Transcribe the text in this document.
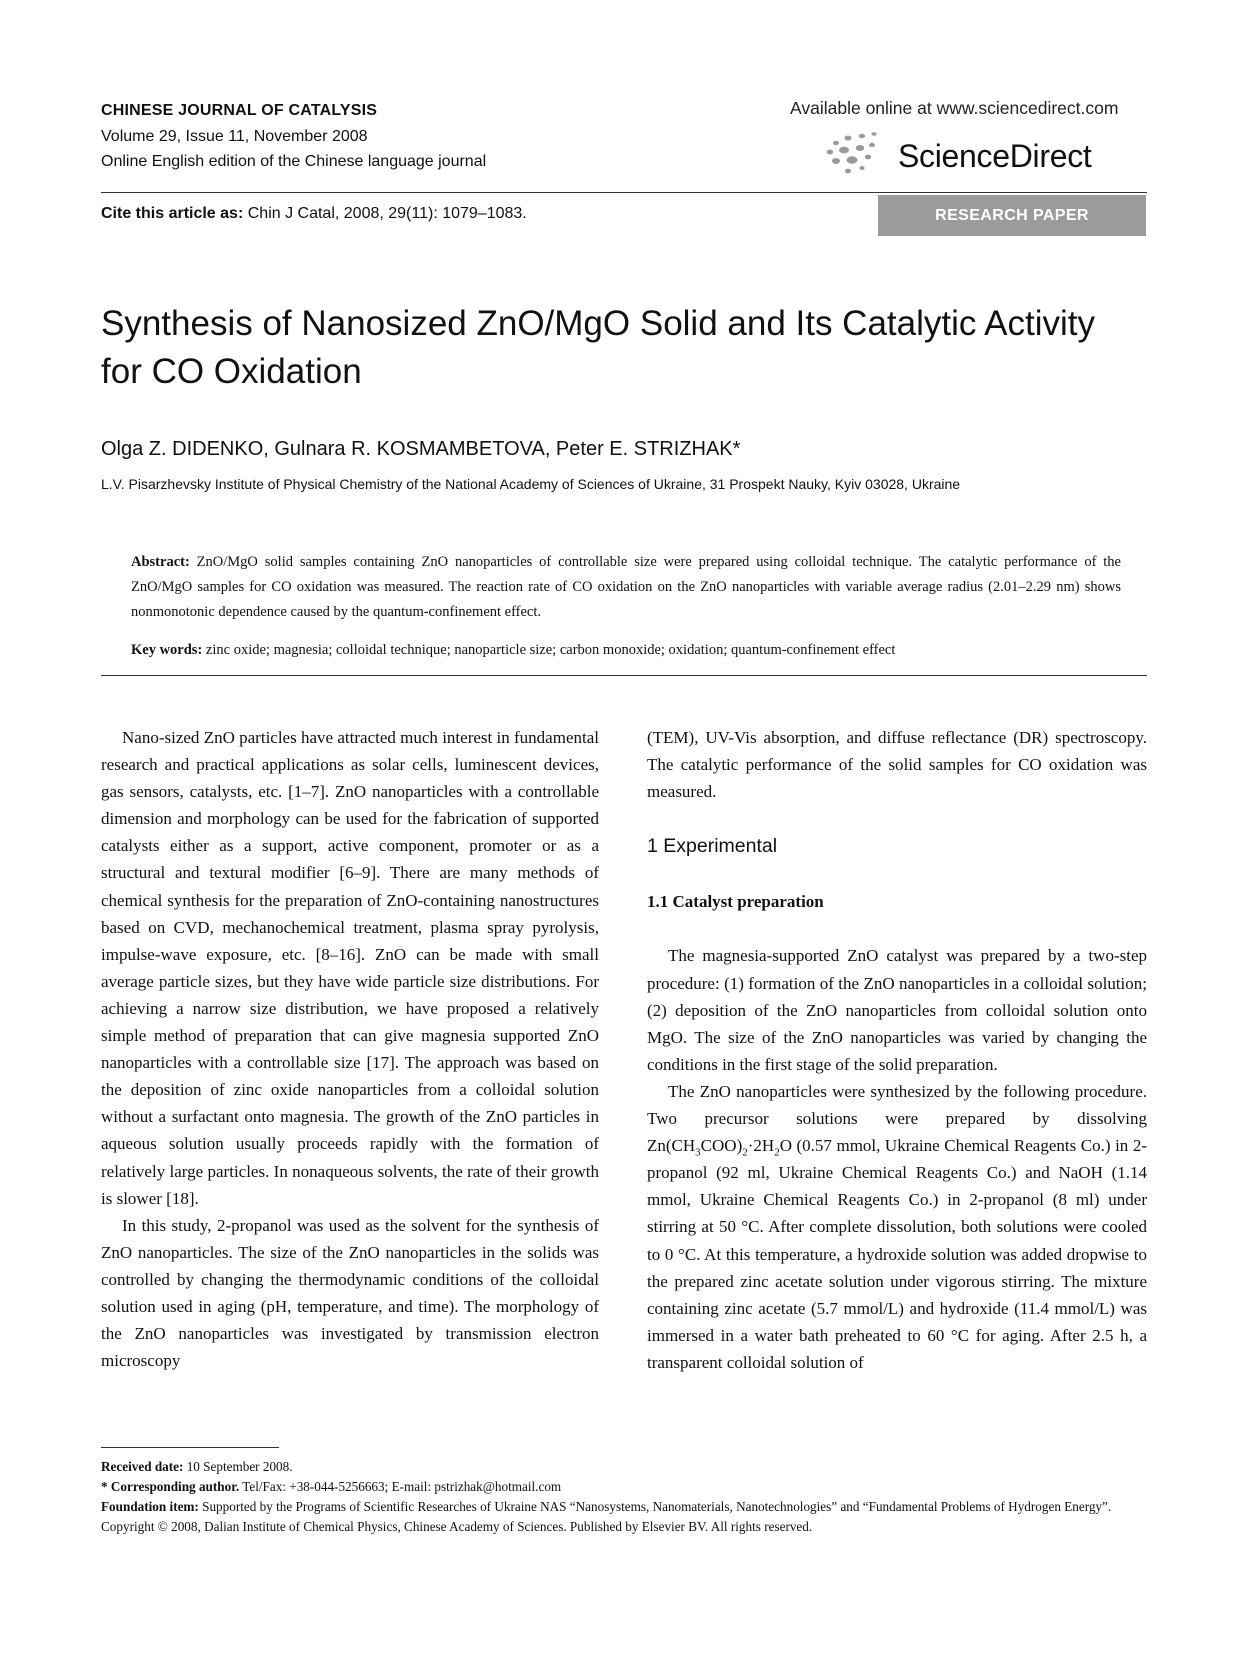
CHINESE JOURNAL OF CATALYSIS
Volume 29, Issue 11, November 2008
Online English edition of the Chinese language journal
Available online at www.sciencedirect.com
ScienceDirect
Cite this article as: Chin J Catal, 2008, 29(11): 1079–1083.	RESEARCH PAPER
Synthesis of Nanosized ZnO/MgO Solid and Its Catalytic Activity for CO Oxidation
Olga Z. DIDENKO, Gulnara R. KOSMAMBETOVA, Peter E. STRIZHAK*
L.V. Pisarzhevsky Institute of Physical Chemistry of the National Academy of Sciences of Ukraine, 31 Prospekt Nauky, Kyiv 03028, Ukraine
Abstract: ZnO/MgO solid samples containing ZnO nanoparticles of controllable size were prepared using colloidal technique. The catalytic performance of the ZnO/MgO samples for CO oxidation was measured. The reaction rate of CO oxidation on the ZnO nanoparticles with variable average radius (2.01–2.29 nm) shows nonmonotonic dependence caused by the quantum-confinement effect.
Key words: zinc oxide; magnesia; colloidal technique; nanoparticle size; carbon monoxide; oxidation; quantum-confinement effect

Nano-sized ZnO particles have attracted much interest in fundamental research and practical applications as solar cells, luminescent devices, gas sensors, catalysts, etc. [1–7]. ZnO nanoparticles with a controllable dimension and morphology can be used for the fabrication of supported catalysts either as a support, active component, promoter or as a structural and textural modifier [6–9]. There are many methods of chemical synthesis for the preparation of ZnO-containing nanostructures based on CVD, mechanochemical treatment, plasma spray pyrolysis, impulse-wave exposure, etc. [8–16]. ZnO can be made with small average particle sizes, but they have wide particle size distributions. For achieving a narrow size distribution, we have proposed a relatively simple method of preparation that can give magnesia supported ZnO nanoparticles with a controllable size [17]. The approach was based on the deposition of zinc oxide nanoparticles from a colloidal solution without a surfactant onto magnesia. The growth of the ZnO particles in aqueous solution usually proceeds rapidly with the formation of relatively large particles. In nonaqueous solvents, the rate of their growth is slower [18].

In this study, 2-propanol was used as the solvent for the synthesis of ZnO nanoparticles. The size of the ZnO nanoparticles in the solids was controlled by changing the thermodynamic conditions of the colloidal solution used in aging (pH, temperature, and time). The morphology of the ZnO nanoparticles was investigated by transmission electron microscopy

(TEM), UV-Vis absorption, and diffuse reflectance (DR) spectroscopy. The catalytic performance of the solid samples for CO oxidation was measured.

1 Experimental
1.1 Catalyst preparation

The magnesia-supported ZnO catalyst was prepared by a two-step procedure: (1) formation of the ZnO nanoparticles in a colloidal solution; (2) deposition of the ZnO nanoparticles from colloidal solution onto MgO. The size of the ZnO nanoparticles was varied by changing the conditions in the first stage of the solid preparation.

The ZnO nanoparticles were synthesized by the following procedure. Two precursor solutions were prepared by dissolving $Zn(CH_3COO)_2\cdot 2H_2O$ (0.57 mmol, Ukraine Chemical Reagents Co.) in 2-propanol (92 ml, Ukraine Chemical Reagents Co.) and NaOH (1.14 mmol, Ukraine Chemical Reagents Co.) in 2-propanol (8 ml) under stirring at 50 °C. After complete dissolution, both solutions were cooled to 0 °C. At this temperature, a hydroxide solution was added dropwise to the prepared zinc acetate solution under vigorous stirring. The mixture containing zinc acetate (5.7 mmol/L) and hydroxide (11.4 mmol/L) was immersed in a water bath preheated to 60 °C for aging. After 2.5 h, a transparent colloidal solution of

Received date: 10 September 2008.
* Corresponding author. Tel/Fax: +38-044-5256663; E-mail: pstrizhak@hotmail.com
Foundation item: Supported by the Programs of Scientific Researches of Ukraine NAS “Nanosystems, Nanomaterials, Nanotechnologies” and “Fundamental Problems of Hydrogen Energy”.
Copyright © 2008, Dalian Institute of Chemical Physics, Chinese Academy of Sciences. Published by Elsevier BV. All rights reserved.
